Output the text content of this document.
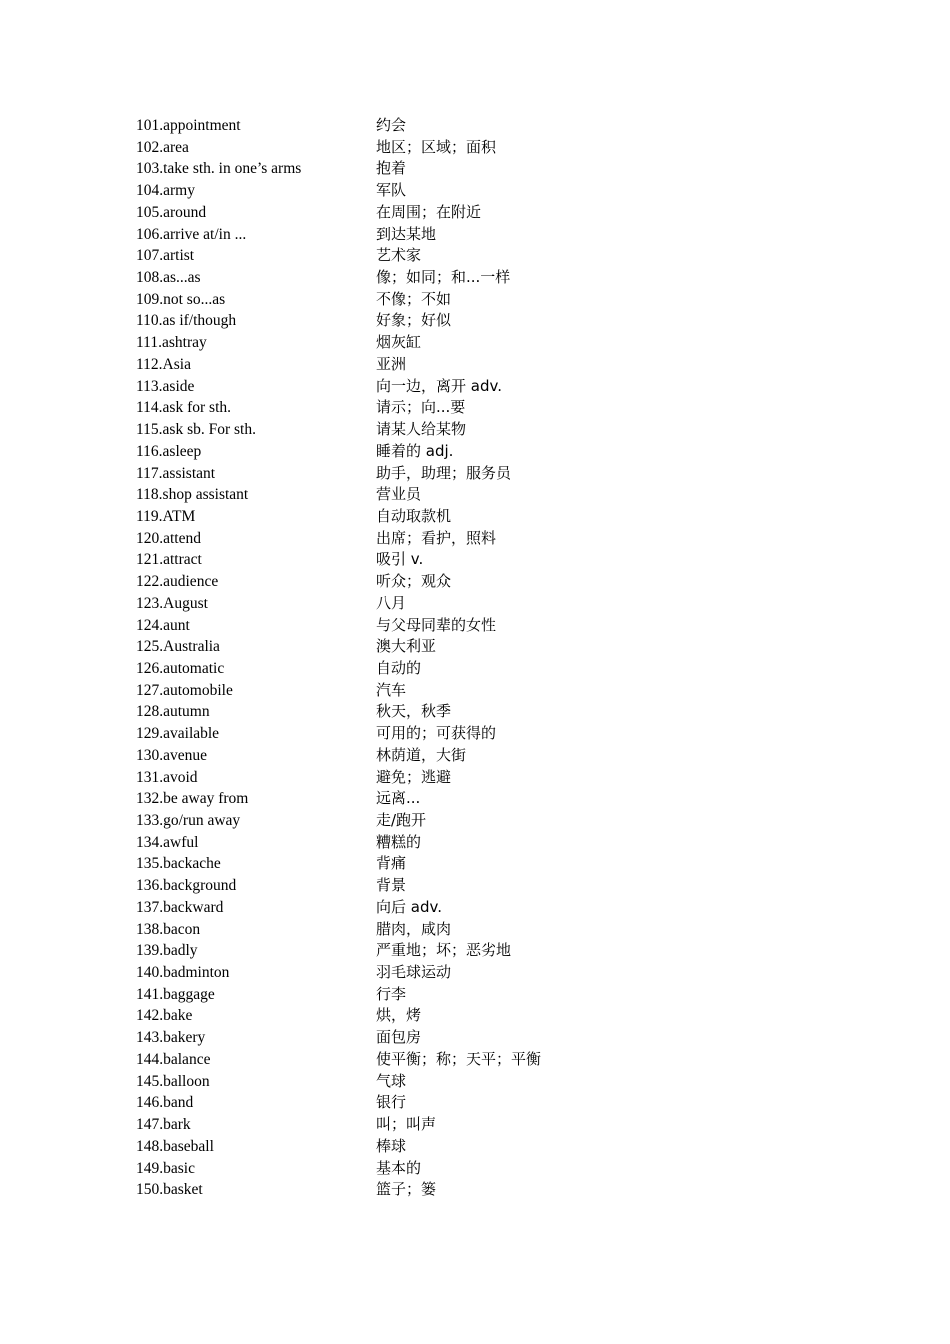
101.appointment	约会
102.area	地区；区域；面积
103.take sth. in one’s arms	抱着
104.army	军队
105.around	在周围；在附近
106.arrive at/in ...	到达某地
107.artist	艺术家
108.as...as	像；如同；和...一样
109.not so...as	不像；不如
110.as if/though	好象；好似
111.ashtray	烟灰缸
112.Asia	亚洲
113.aside	向一边，离开 adv.
114.ask for sth.	请示；向...要
115.ask sb. For sth.	请某人给某物
116.asleep	睡着的 adj.
117.assistant	助手，助理；服务员
118.shop assistant	营业员
119.ATM	自动取款机
120.attend	出席；看护，照料
121.attract	吸引 v.
122.audience	听众；观众
123.August	八月
124.aunt	与父母同辈的女性
125.Australia	澳大利亚
126.automatic	自动的
127.automobile	汽车
128.autumn	秋天，秋季
129.available	可用的；可获得的
130.avenue	林荫道，大街
131.avoid	避免；逃避
132.be away from	远离...
133.go/run away	走/跑开
134.awful	糟糕的
135.backache	背痛
136.background	背景
137.backward	向后 adv.
138.bacon	腊肉，咸肉
139.badly	严重地；坏；恶劣地
140.badminton	羽毛球运动
141.baggage	行李
142.bake	烘，烤
143.bakery	面包房
144.balance	使平衡；称；天平；平衡
145.balloon	气球
146.band	银行
147.bark	叫；叫声
148.baseball	棒球
149.basic	基本的
150.basket	篮子；篓
